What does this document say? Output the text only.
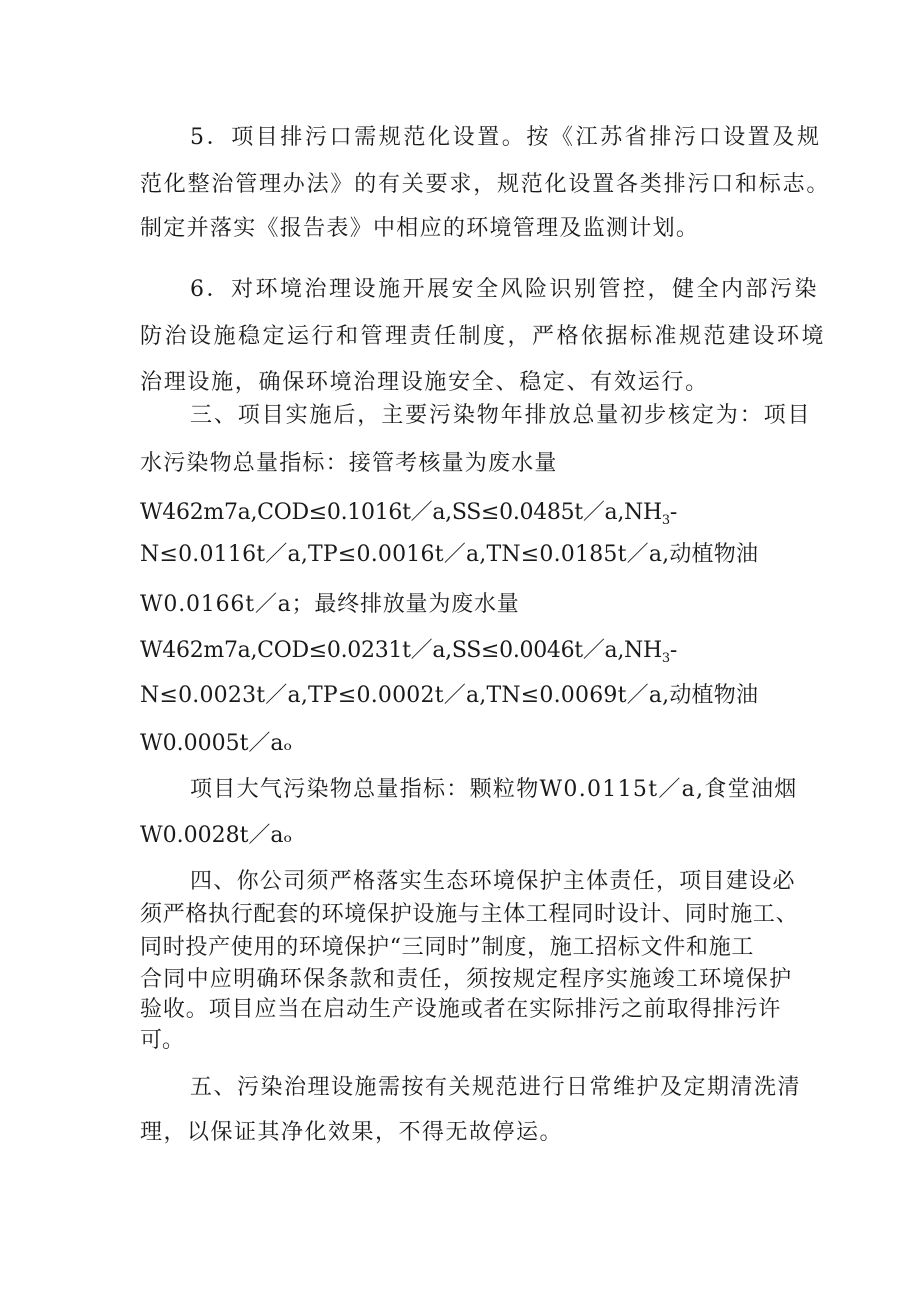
5．项目排污口需规范化设置。按《江苏省排污口设置及规
范化整治管理办法》的有关要求，规范化设置各类排污口和标志。
制定并落实《报告表》中相应的环境管理及监测计划。
6．对环境治理设施开展安全风险识别管控，健全内部污染
防治设施稳定运行和管理责任制度，严格依据标准规范建设环境
治理设施，确保环境治理设施安全、稳定、有效运行。
三、项目实施后，主要污染物年排放总量初步核定为：项目
水污染物总量指标：接管考核量为废水量
$W462m7a,COD\le 0.1016t/a,SS\le 0.0485t/a,NH_3-$
N≤0.0116t／a,TP≤0.0016t／a,TN≤0.0185t／a,动植物油
W0.0166t／a；最终排放量为废水量
$W462m7a,COD\le 0.0231t/a,SS\le 0.0046t/a,NH_3-$
N≤0.0023t／a,TP≤0.0002t／a,TN≤0.0069t／a,动植物油
W0.0005t／aₒ
项目大气污染物总量指标：颗粒物W0.0115t／a,食堂油烟
W0.0028t／aₒ
四、你公司须严格落实生态环境保护主体责任，项目建设必
须严格执行配套的环境保护设施与主体工程同时设计、同时施工、
同时投产使用的环境保护“三同时”制度，施工招标文件和施工
合同中应明确环保条款和责任，须按规定程序实施竣工环境保护
验收。项目应当在启动生产设施或者在实际排污之前取得排污许
可。
五、污染治理设施需按有关规范进行日常维护及定期清洗清
理，以保证其净化效果，不得无故停运。
